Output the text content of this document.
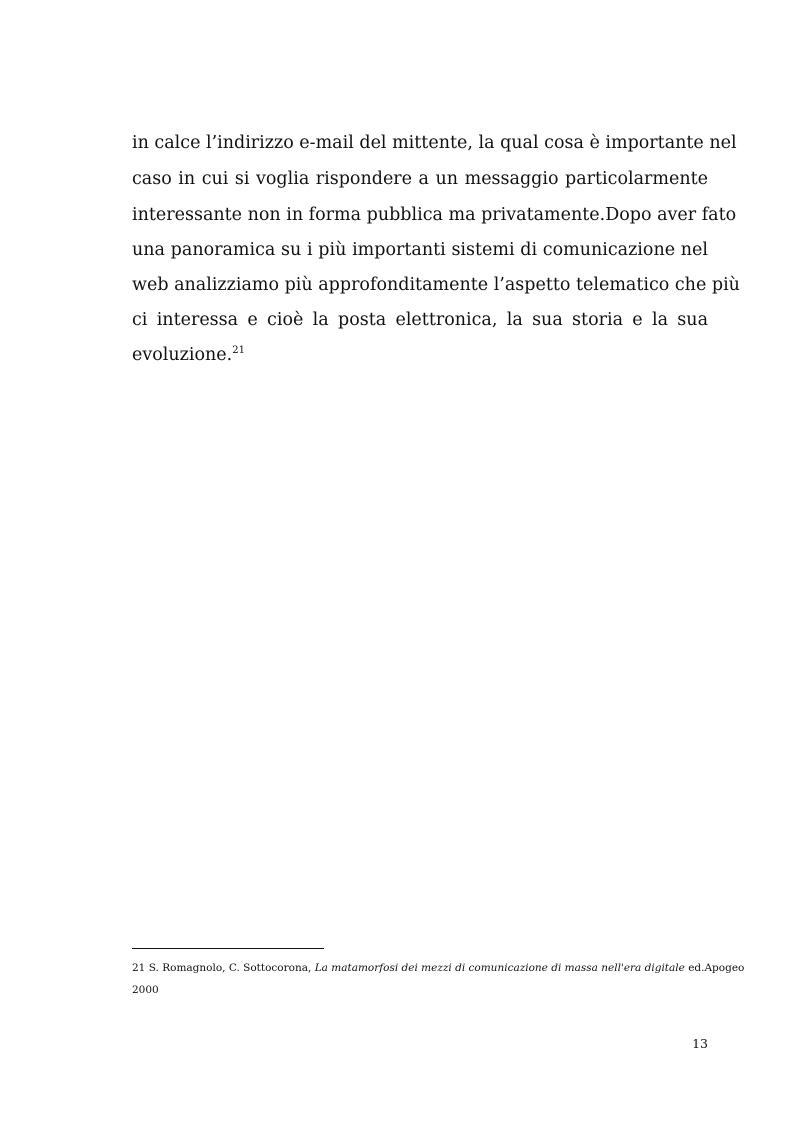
in calce l’indirizzo e-mail del mittente, la qual cosa è importante nel
caso in cui si voglia rispondere a un messaggio particolarmente
interessante non in forma pubblica ma privatamente.Dopo aver fato
una panoramica su i più importanti sistemi di comunicazione nel
web analizziamo più approfonditamente l’aspetto telematico che più
ci interessa e cioè la posta elettronica, la sua storia e la sua
evoluzione.$^{21}$
21 S. Romagnolo, C. Sottocorona, La matamorfosi dei mezzi di comunicazione di massa nell'era digitale ed.Apogeo
2000
13
